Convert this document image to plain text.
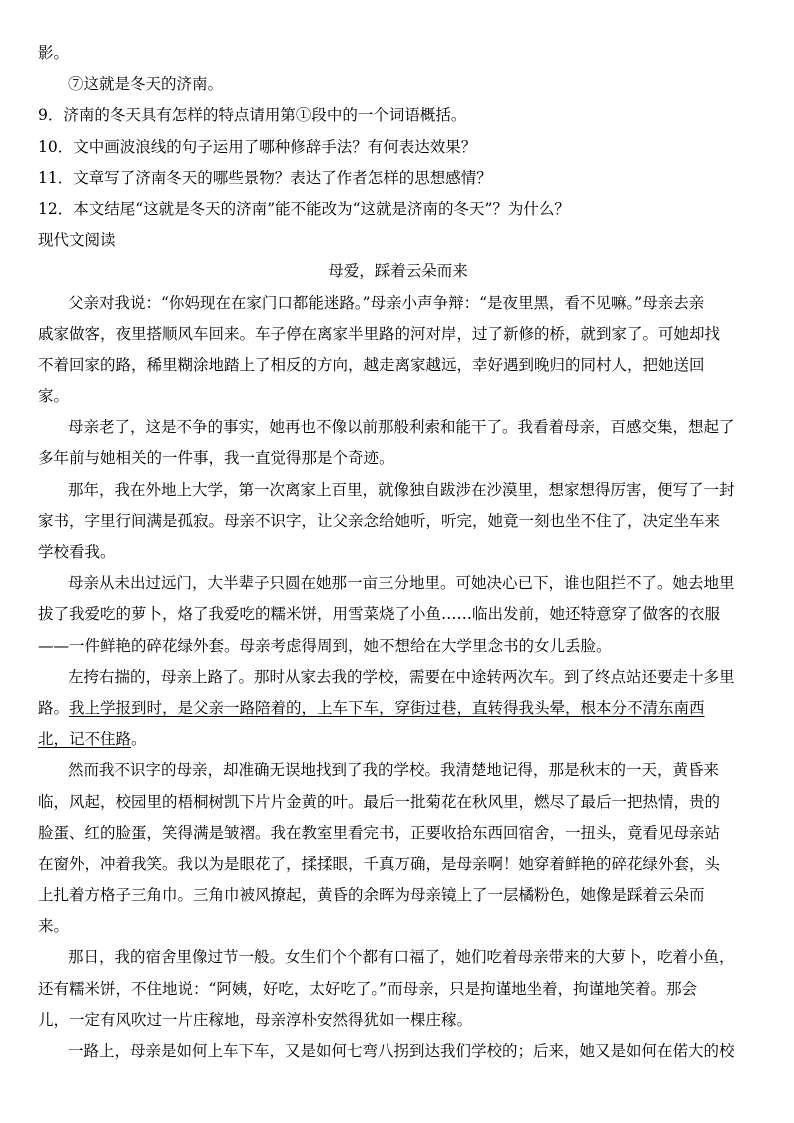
影。
⑦这就是冬天的济南。
9．济南的冬天具有怎样的特点请用第①段中的一个词语概括。
10．文中画波浪线的句子运用了哪种修辞手法？有何表达效果？
11．文章写了济南冬天的哪些景物？表达了作者怎样的思想感情？
12．本文结尾“这就是冬天的济南”能不能改为“这就是济南的冬天”？为什么？
现代文阅读
母爱，踩着云朵而来
父亲对我说：“你妈现在在家门口都能迷路。”母亲小声争辩：“是夜里黑，看不见嘛。”母亲去亲
戚家做客，夜里搭顺风车回来。车子停在离家半里路的河对岸，过了新修的桥，就到家了。可她却找
不着回家的路，稀里糊涂地踏上了相反的方向，越走离家越远，幸好遇到晚归的同村人，把她送回
家。
母亲老了，这是不争的事实，她再也不像以前那般利索和能干了。我看着母亲，百感交集，想起了
多年前与她相关的一件事，我一直觉得那是个奇迹。
那年，我在外地上大学，第一次离家上百里，就像独自跋涉在沙漠里，想家想得厉害，便写了一封
家书，字里行间满是孤寂。母亲不识字，让父亲念给她听，听完，她竟一刻也坐不住了，决定坐车来
学校看我。
母亲从未出过远门，大半辈子只圆在她那一亩三分地里。可她决心已下，谁也阻拦不了。她去地里
拔了我爱吃的萝卜，烙了我爱吃的糯米饼，用雪菜烧了小鱼……临出发前，她还特意穿了做客的衣服
——一件鲜艳的碎花绿外套。母亲考虑得周到，她不想给在大学里念书的女儿丢脸。
左挎右揣的，母亲上路了。那时从家去我的学校，需要在中途转两次车。到了终点站还要走十多里
路。我上学报到时，是父亲一路陪着的，上车下车，穿街过巷，直转得我头晕，根本分不清东南西
北，记不住路。
然而我不识字的母亲，却准确无误地找到了我的学校。我清楚地记得，那是秋末的一天，黄昏来
临，风起，校园里的梧桐树凯下片片金黄的叶。最后一批菊花在秋风里，燃尽了最后一把热情，贵的
脸蛋、红的脸蛋，笑得满是皱褶。我在教室里看完书，正要收拾东西回宿舍，一扭头，竟看见母亲站
在窗外，冲着我笑。我以为是眼花了，揉揉眼，千真万确，是母亲啊！她穿着鲜艳的碎花绿外套，头
上扎着方格子三角巾。三角巾被风撩起，黄昏的余晖为母亲镜上了一层橘粉色，她像是踩着云朵而
来。
那日，我的宿舍里像过节一般。女生们个个都有口福了，她们吃着母亲带来的大萝卜，吃着小鱼，
还有糯米饼，不住地说：“阿姨，好吃，太好吃了。”而母亲，只是拘谨地坐着，拘谨地笑着。那会
儿，一定有风吹过一片庄稼地，母亲淳朴安然得犹如一棵庄稼。
一路上，母亲是如何上车下车，又是如何七弯八拐到达我们学校的；后来，她又是如何在偌大的校
